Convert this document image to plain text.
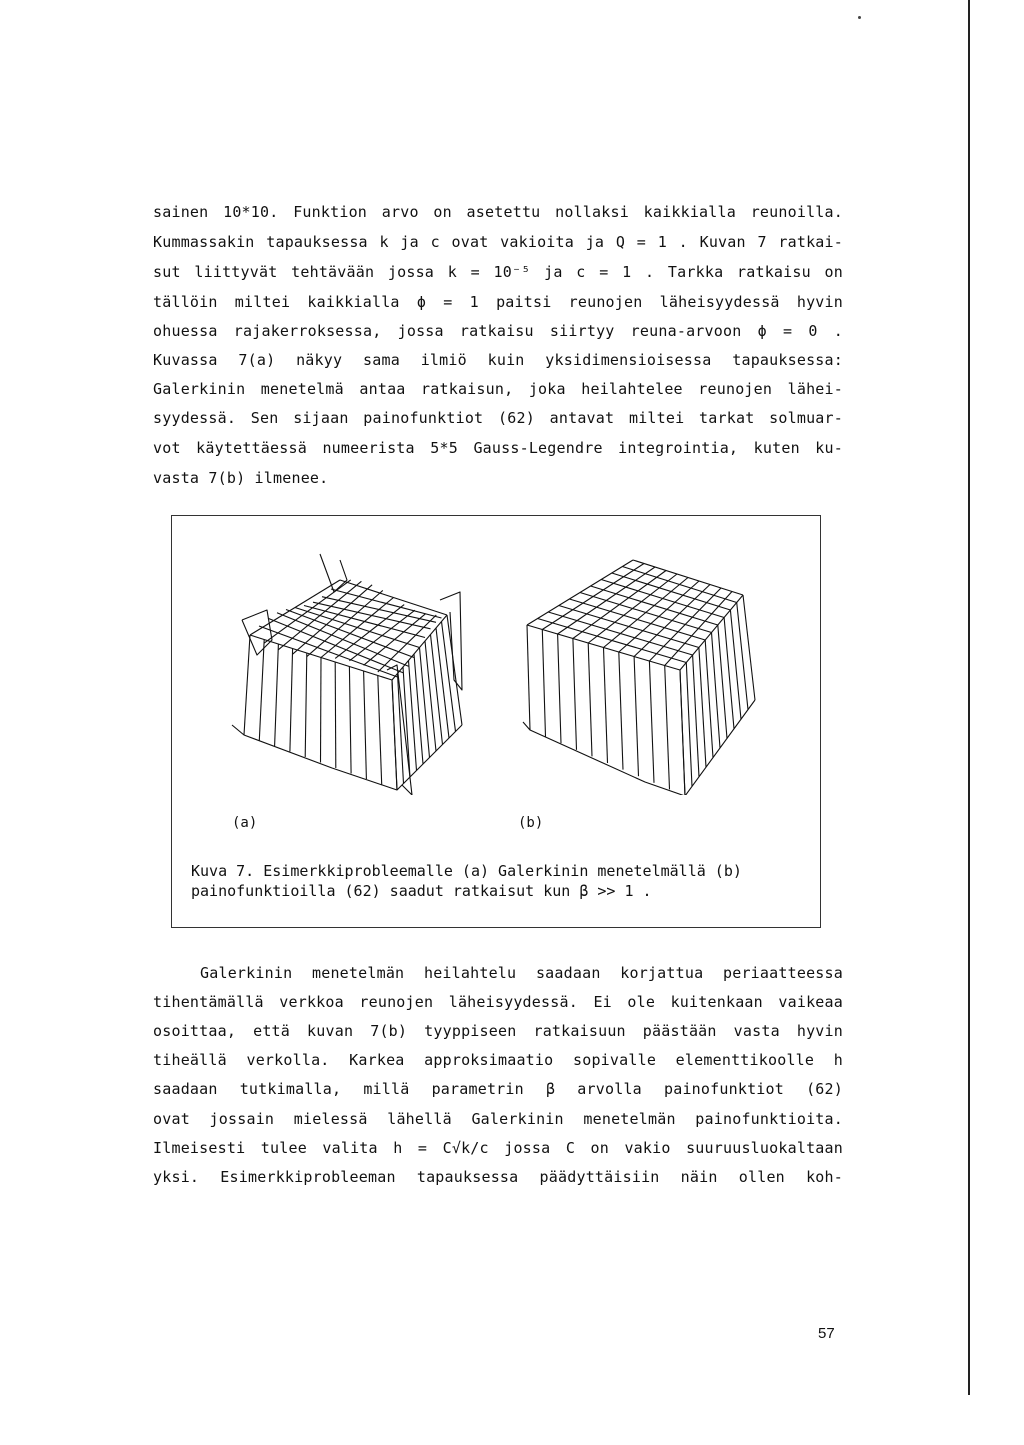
sainen 10*10. Funktion arvo on asetettu nollaksi kaikkialla reunoilla.
Kummassakin tapauksessa k ja c ovat vakioita ja Q = 1 . Kuvan 7 ratkai-
sut liittyvät tehtävään jossa k = 10⁻⁵ ja c = 1 . Tarkka ratkaisu on
tällöin miltei kaikkialla ϕ = 1 paitsi reunojen läheisyydessä hyvin
ohuessa rajakerroksessa, jossa ratkaisu siirtyy reuna-arvoon ϕ = 0 .
Kuvassa 7(a) näkyy sama ilmiö kuin yksidimensioisessa tapauksessa:
Galerkinin menetelmä antaa ratkaisun, joka heilahtelee reunojen lähei-
syydessä. Sen sijaan painofunktiot (62) antavat miltei tarkat solmuar-
vot käytettäessä numeerista 5*5 Gauss-Legendre integrointia, kuten ku-
vasta 7(b) ilmenee.
(a)	(b)
Kuva 7. Esimerkkiprobleemalle (a) Galerkinin menetelmällä (b)
painofunktioilla (62) saadut ratkaisut kun β >> 1 .
Galerkinin menetelmän heilahtelu saadaan korjattua periaatteessa
tihentämällä verkkoa reunojen läheisyydessä. Ei ole kuitenkaan vaikeaa
osoittaa, että kuvan 7(b) tyyppiseen ratkaisuun päästään vasta hyvin
tiheällä verkolla. Karkea approksimaatio sopivalle elementtikoolle h
saadaan tutkimalla, millä parametrin β arvolla painofunktiot (62)
ovat jossain mielessä lähellä Galerkinin menetelmän painofunktioita.
Ilmeisesti tulee valita h = C√k/c jossa C on vakio suuruusluokaltaan
yksi. Esimerkkiprobleeman tapauksessa päädyttäisiin näin ollen koh-
57
